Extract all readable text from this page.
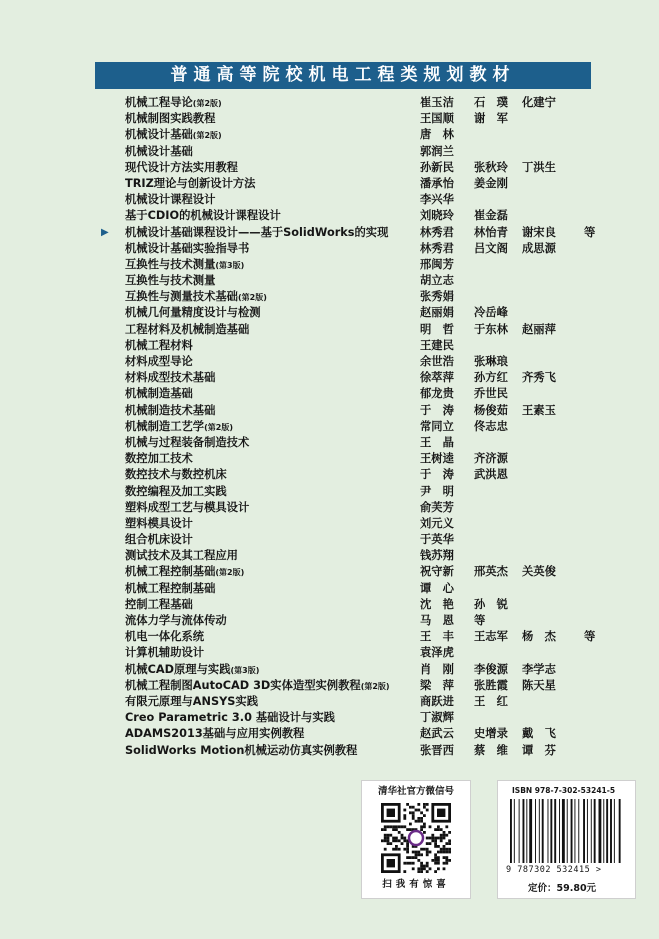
普通高等院校机电工程类规划教材
机械工程导论(第2版)	崔玉洁 石　璞 化建宁
机械制图实践教程	王国顺 谢　军
机械设计基础(第2版)	唐　林
机械设计基础	郭润兰
现代设计方法实用教程	孙新民 张秋玲 丁洪生
TRIZ理论与创新设计方法	潘承怡 姜金刚
机械设计课程设计	李兴华
基于CDIO的机械设计课程设计	刘晓玲 崔金磊
▶ 机械设计基础课程设计——基于SolidWorks的实现	林秀君 林怡青 谢宋良 等
机械设计基础实验指导书	林秀君 吕文阁 成思源
互换性与技术测量(第3版)	邢闽芳
互换性与技术测量	胡立志
互换性与测量技术基础(第2版)	张秀娟
机械几何量精度设计与检测	赵丽娟 冷岳峰
工程材料及机械制造基础	明　哲 于东林 赵丽萍
机械工程材料	王建民
材料成型导论	余世浩 张琳琅
材料成型技术基础	徐萃萍 孙方红 齐秀飞
机械制造基础	郁龙贵 乔世民
机械制造技术基础	于　涛 杨俊茹 王素玉
机械制造工艺学(第2版)	常同立 佟志忠
机械与过程装备制造技术	王　晶
数控加工技术	王树逵 齐济源
数控技术与数控机床	于　涛 武洪恩
数控编程及加工实践	尹　明
塑料成型工艺与模具设计	俞芙芳
塑料模具设计	刘元义
组合机床设计	于英华
测试技术及其工程应用	钱苏翔
机械工程控制基础(第2版)	祝守新 邢英杰 关英俊
机械工程控制基础	谭　心
控制工程基础	沈　艳 孙　锐
流体力学与流体传动	马　恩 等
机电一体化系统	王　丰 王志军 杨　杰 等
计算机辅助设计	袁泽虎
机械CAD原理与实践(第3版)	肖　刚 李俊源 李学志
机械工程制图AutoCAD 3D实体造型实例教程(第2版)	梁　萍 张胜霞 陈天星
有限元原理与ANSYS实践	商跃进 王　红
Creo Parametric 3.0 基础设计与实践	丁淑辉
ADAMS2013基础与应用实例教程	赵武云 史增录 戴　飞
SolidWorks Motion机械运动仿真实例教程	张晋西 蔡　维 谭　芬
清华社官方微信号
扫我有惊喜
ISBN 978-7-302-53241-5
9 787302 532415 >
定价：59.80元
